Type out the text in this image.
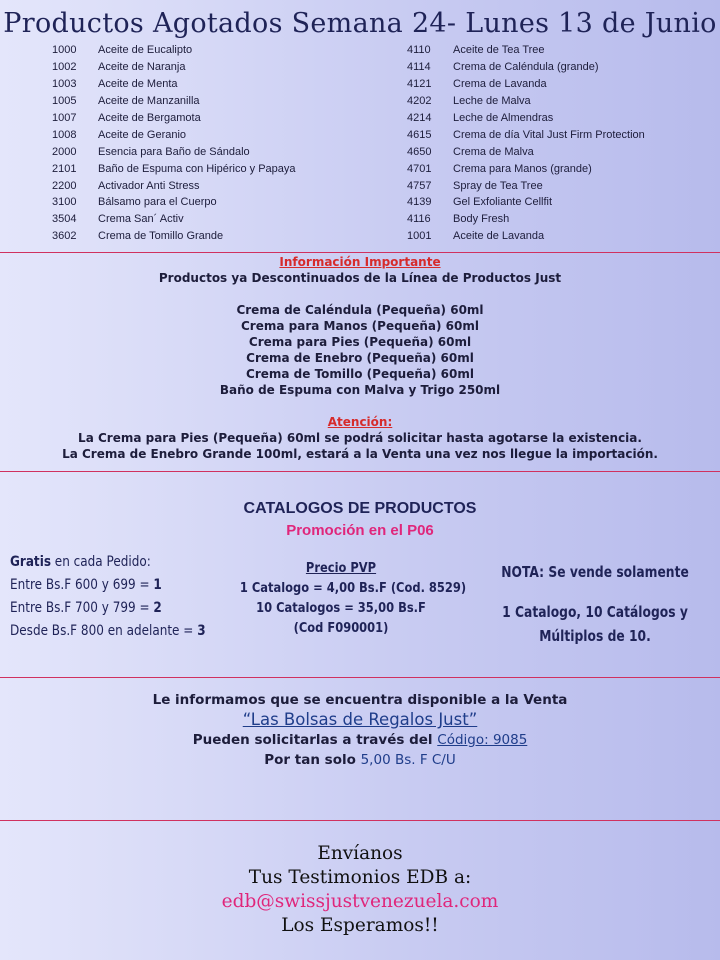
Productos Agotados Semana 24- Lunes 13 de Junio
1000	Aceite de Eucalipto
1002	Aceite de Naranja
1003	Aceite de Menta
1005	Aceite de Manzanilla
1007	Aceite de Bergamota
1008	Aceite de Geranio
2000	Esencia para Baño de Sándalo
2101	Baño de Espuma con Hipérico y Papaya
2200	Activador Anti Stress
3100	Bálsamo para el Cuerpo
3504	Crema San´ Activ
3602	Crema de Tomillo Grande
4110	Aceite de Tea Tree
4114	Crema de Caléndula (grande)
4121	Crema de Lavanda
4202	Leche de Malva
4214	Leche de Almendras
4615	Crema de día Vital Just Firm Protection
4650	Crema de Malva
4701	Crema para Manos (grande)
4757	Spray de Tea Tree
4139	Gel Exfoliante Cellfit
4116	Body Fresh
1001	Aceite de Lavanda
Información Importante
Productos ya Descontinuados de la Línea de Productos Just
Crema de Caléndula (Pequeña) 60ml
Crema para Manos (Pequeña) 60ml
Crema para Pies (Pequeña) 60ml
Crema de Enebro (Pequeña) 60ml
Crema de Tomillo (Pequeña) 60ml
Baño de Espuma con Malva y Trigo 250ml
Atención:
La Crema para Pies (Pequeña) 60ml se podrá solicitar hasta agotarse la existencia.
La Crema de Enebro Grande 100ml, estará a la Venta una vez nos llegue la importación.
CATALOGOS DE PRODUCTOS
Promoción en el P06
Gratis en cada Pedido:
Entre Bs.F 600 y 699 = 1
Entre Bs.F 700 y 799 = 2
Desde Bs.F 800 en adelante = 3
Precio PVP
1 Catalogo = 4,00 Bs.F (Cod. 8529)
10 Catalogos = 35,00 Bs.F
(Cod F090001)
NOTA: Se vende solamente
1 Catalogo, 10 Catálogos y
Múltiplos de 10.
Le informamos que se encuentra disponible a la Venta
“Las Bolsas de Regalos Just”
Pueden solicitarlas a través del Código: 9085
Por tan solo 5,00 Bs. F C/U
Envíanos
Tus Testimonios EDB a:
edb@swissjustvenezuela.com
Los Esperamos!!
